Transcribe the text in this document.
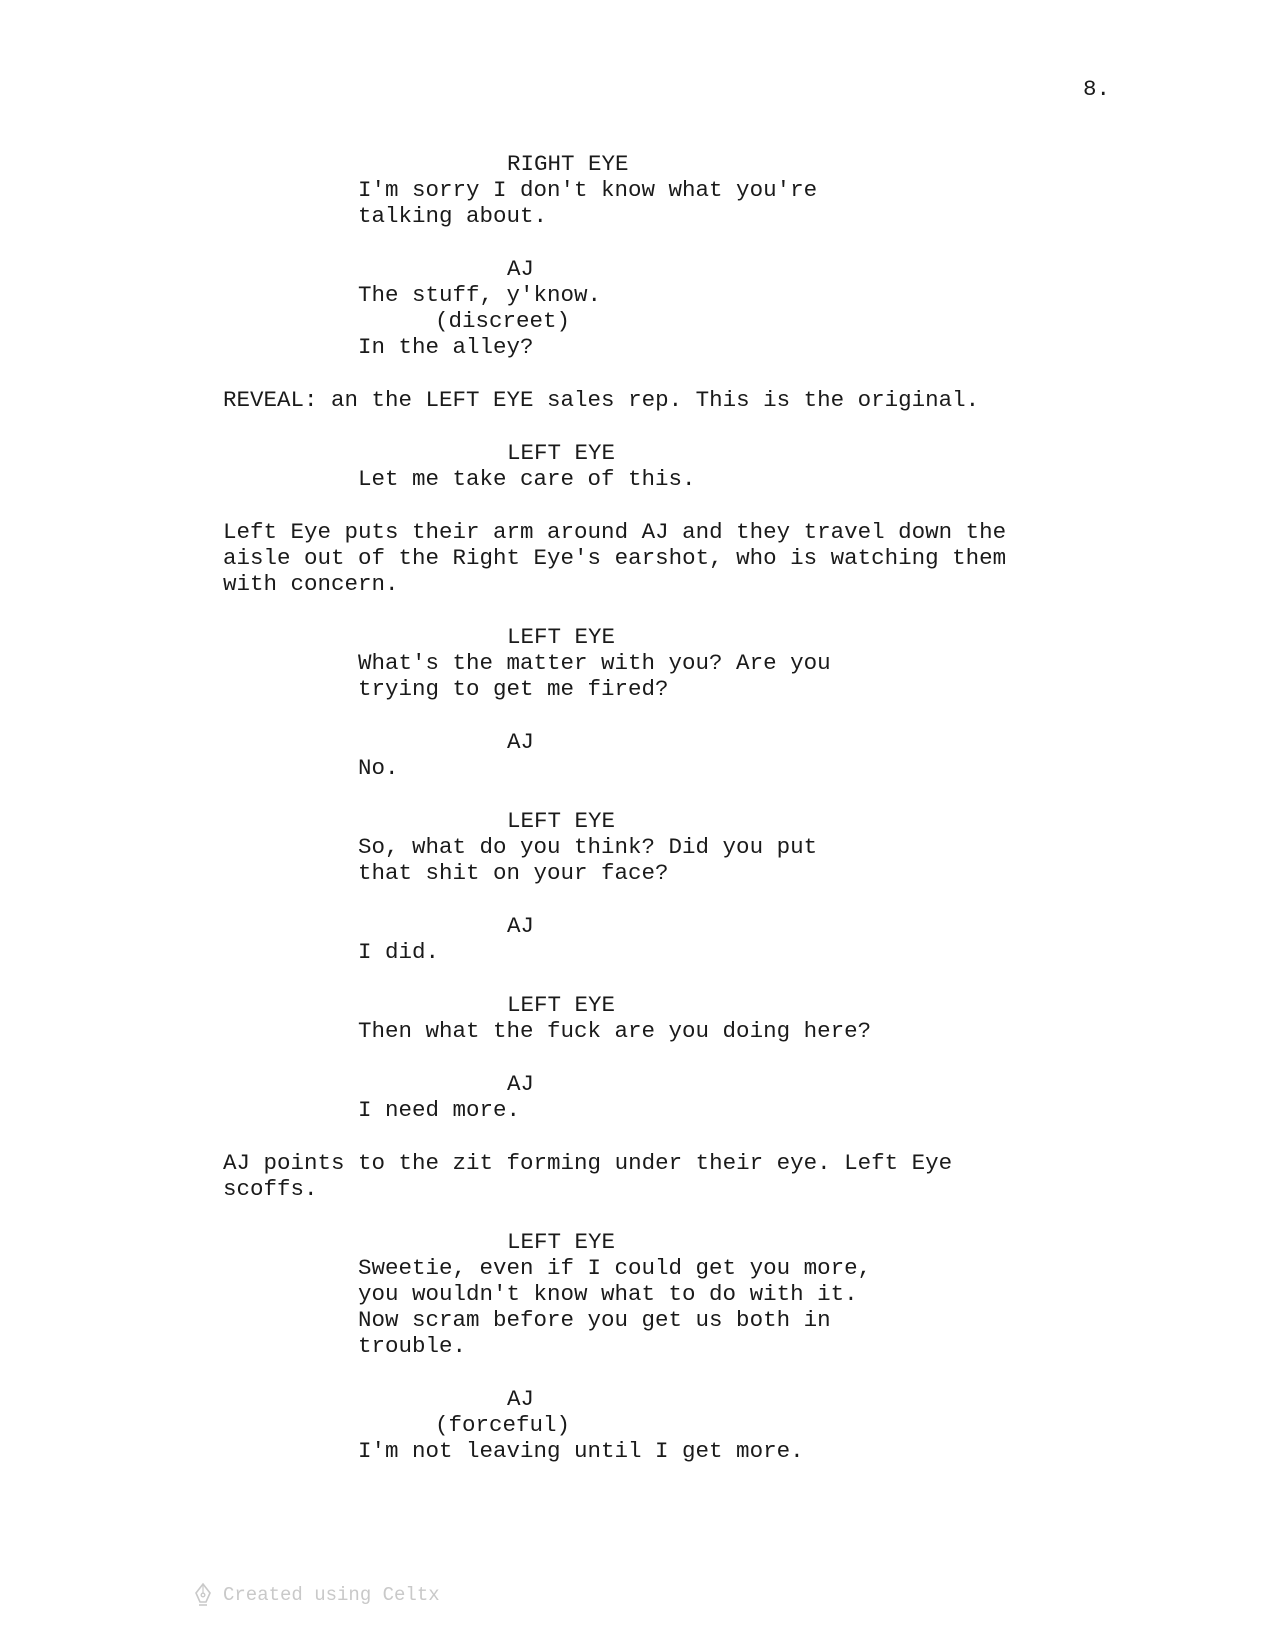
8.
RIGHT EYE
I'm sorry I don't know what you're
talking about.
AJ
The stuff, y'know.
(discreet)
In the alley?
REVEAL: an the LEFT EYE sales rep. This is the original.
LEFT EYE
Let me take care of this.
Left Eye puts their arm around AJ and they travel down the
aisle out of the Right Eye's earshot, who is watching them
with concern.
LEFT EYE
What's the matter with you? Are you
trying to get me fired?
AJ
No.
LEFT EYE
So, what do you think? Did you put
that shit on your face?
AJ
I did.
LEFT EYE
Then what the fuck are you doing here?
AJ
I need more.
AJ points to the zit forming under their eye. Left Eye
scoffs.
LEFT EYE
Sweetie, even if I could get you more,
you wouldn't know what to do with it.
Now scram before you get us both in
trouble.
AJ
(forceful)
I'm not leaving until I get more.
Created using Celtx
